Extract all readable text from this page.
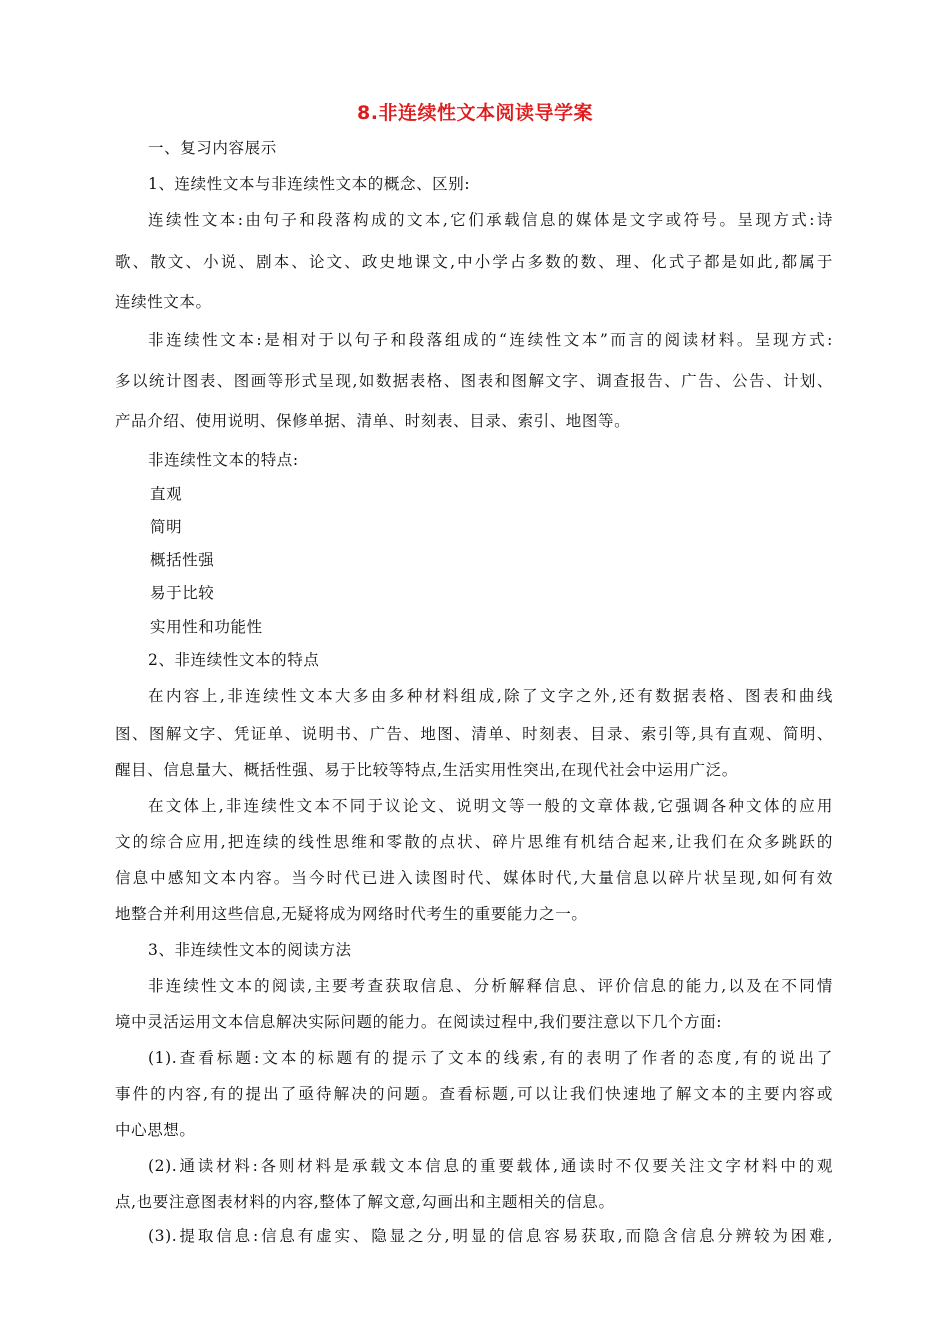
8.非连续性文本阅读导学案
一、复习内容展示
1、连续性文本与非连续性文本的概念、区别:
连续性文本:由句子和段落构成的文本,它们承载信息的媒体是文字或符号。呈现方式:诗
歌、散文、小说、剧本、论文、政史地课文,中小学占多数的数、理、化式子都是如此,都属于
连续性文本。
非连续性文本:是相对于以句子和段落组成的“连续性文本”而言的阅读材料。呈现方式:
多以统计图表、图画等形式呈现,如数据表格、图表和图解文字、调查报告、广告、公告、计划、
产品介绍、使用说明、保修单据、清单、时刻表、目录、索引、地图等。
非连续性文本的特点:
直观
简明
概括性强
易于比较
实用性和功能性
2、非连续性文本的特点
在内容上,非连续性文本大多由多种材料组成,除了文字之外,还有数据表格、图表和曲线
图、图解文字、凭证单、说明书、广告、地图、清单、时刻表、目录、索引等,具有直观、简明、
醒目、信息量大、概括性强、易于比较等特点,生活实用性突出,在现代社会中运用广泛。
在文体上,非连续性文本不同于议论文、说明文等一般的文章体裁,它强调各种文体的应用
文的综合应用,把连续的线性思维和零散的点状、碎片思维有机结合起来,让我们在众多跳跃的
信息中感知文本内容。当今时代已进入读图时代、媒体时代,大量信息以碎片状呈现,如何有效
地整合并利用这些信息,无疑将成为网络时代考生的重要能力之一。
3、非连续性文本的阅读方法
非连续性文本的阅读,主要考查获取信息、分析解释信息、评价信息的能力,以及在不同情
境中灵活运用文本信息解决实际问题的能力。在阅读过程中,我们要注意以下几个方面:
(1).查看标题:文本的标题有的提示了文本的线索,有的表明了作者的态度,有的说出了
事件的内容,有的提出了亟待解决的问题。查看标题,可以让我们快速地了解文本的主要内容或
中心思想。
(2).通读材料:各则材料是承载文本信息的重要载体,通读时不仅要关注文字材料中的观
点,也要注意图表材料的内容,整体了解文意,勾画出和主题相关的信息。
(3).提取信息:信息有虚实、隐显之分,明显的信息容易获取,而隐含信息分辨较为困难,
